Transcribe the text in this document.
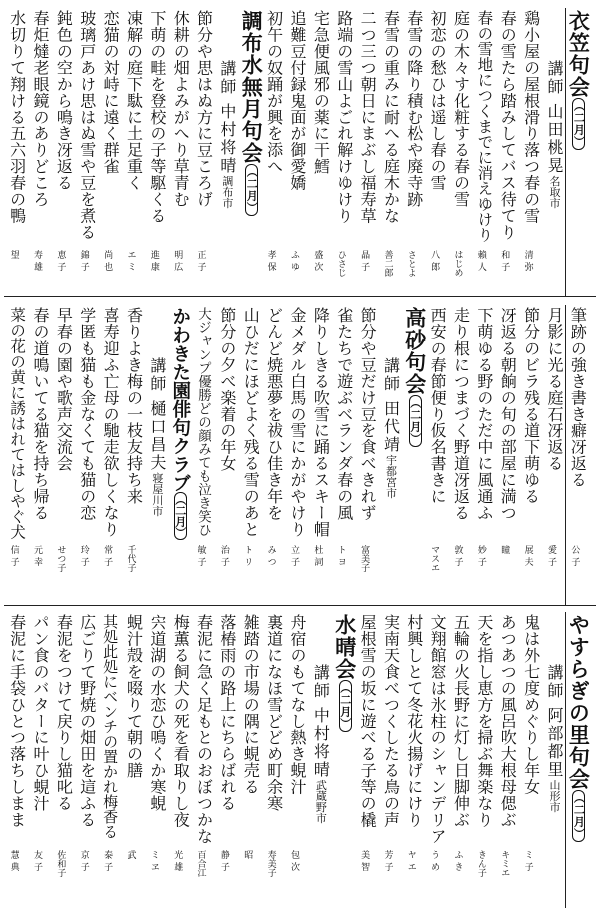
衣笠句会（二月）
講師 山田桃晃名取市
鶏小屋の屋根滑り落つ春の雪
清 弥
春の雪たら踏みしてバス待てり
和 子
春の雪地につくまでに消えゆけり
賴 人
庭の木々す化粧する春の雪
はじめ
初恋の愁ひは遥し春の雪
八 郎
春雪の降り積む松や廃寺跡
さとよ
春雪の重みに耐へる庭木かな
善二郎
二つ三つ朝日にまぶし福寿草
晶 子
路端の雪山よごれ解けゆけり
ひさじ
宅急便風邪の薬に干鱈
盛 次
追難豆付録鬼面が御愛嬌
ふ ゆ
初午の奴踊が興を添へ
孝 保
調布水無月句会（二月）
講師 中村将晴調布市
節分や思はぬ方に豆ころげ
正 子
休耕の畑よみがへり草青む
明 広
下萌の畦を登校の子等駆くる
進 康
凍解の庭下駄に土足重く
エ ミ
恋猫の対峙に遠く群雀
尚 也
玻璃戸あけ思はぬ雪や豆を煮る
錦 子
鈍色の空から鳴き冴返る
恵 子
春炬燵老眼鏡のありどころ
寿 雄
水切りて翔ける五六羽春の鴨
望
筆跡の強き書き癖冴返る
公 子
月影に光る庭石冴返る
愛 子
節分のビラ残る道下萌ゆる
展 夫
冴返る朝餉の旬の部屋に満つ
瞳
下萌ゆる野のただ中に風通ふ
妙 子
走り根につまづく野道冴返る
敦 子
西安の春節便り仮名書きに
マスエ
高砂句会（二月）
講師 田代靖宇都宮市
節分や豆だけ豆を食べきれず
富美子
雀たちで遊ぶベランダ春の風
ト ヨ
降りしきる吹雪に踊るスキー帽
杜 詞
金メダル白馬の雪にかがやけり
立 子
どんど焼悪夢を祓ひ佳き年を
み つ
山ひだにほどよく残る雪のあと
ト リ
節分の夕べ楽着の年女
治 子
大ジャンプ優勝どの顔みても泣き笑ひ
敏 子
かわきた園俳句クラブ（二月）
講師 樋口昌夫寝屋川市
香りよき梅の一枝友持ち来
千代子
喜寿迎ふ亡母の馳走欲しくなり
常 子
学匿も猫も金なくても猫の恋
玲 子
早春の園や歌声交流会
せつ子
春の道鳴いてる猫を持ち帰る
元 幸
菜の花の黄に誘はれてはしやぐ犬
信 子
やすらぎの里句会（二月）
講師 阿部都里山形市
鬼は外七度めぐりし年女
ミ 子
あつあつの風呂吹大根母偲ぶ
キミエ
天を指し恵方を掃ぶ舞楽なり
きん子
五輪の火長野に灯し日脚伸ぶ
ふ き
文翔館窓は氷柱のシャンデリア
う め
村興しとて冬花火揚げにけり
ヤ エ
実南天食べつくしたる鳥の声
芳 子
屋根雪の坂に遊べる子等の橇
美 智
水晴会（二月）
講師 中村将晴武蔵野市
舟宿のもてなし熱き蜆汁
包 次
裏道になほ雪どどめ町余寒
寿美子
雑踏の市場の隅に蜆売る
昭
落椿雨の路上にちらばれる
静 子
春泥に急く足もとのおぼつかな
百合江
梅薫る飼犬の死を看取りし夜
光 雄
宍道湖の水恋ひ鳴くか寒蜆
ミ ヱ
蜆汁殻を啜りて朝の膳
武
其処此処にベンチの置かれ梅香る
泰 子
広ごりて野焼の畑田を這ふる
京 子
春泥をつけて戻りし猫叱る
佐和子
パン食のバターに叶ひ蜆汁
友 子
春泥に手袋ひとつ落ちしまま
慧 典
